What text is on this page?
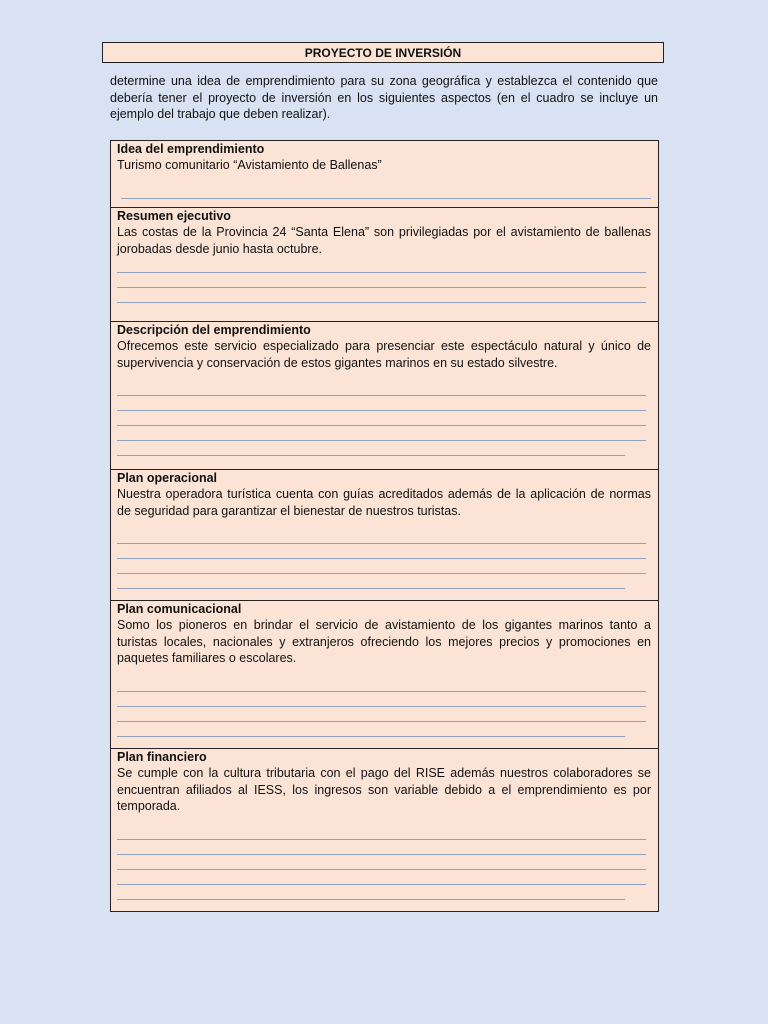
PROYECTO DE INVERSIÓN

determine una idea de emprendimiento para su zona geográfica y establezca el contenido que debería tener el proyecto de inversión en los siguientes aspectos (en el cuadro se incluye un ejemplo del trabajo que deben realizar).

Idea del emprendimiento

Turismo comunitario “Avistamiento de Ballenas”

Resumen ejecutivo

Las costas de la Provincia 24 “Santa Elena” son privilegiadas por el avistamiento de ballenas jorobadas desde junio hasta octubre.

Descripción del emprendimiento

Ofrecemos este servicio especializado para presenciar este espectáculo natural y único de supervivencia y conservación de estos gigantes marinos en su estado silvestre.

Plan operacional

Nuestra operadora turística cuenta con guías acreditados además de la aplicación de normas de seguridad para garantizar el bienestar de nuestros turistas.

Plan comunicacional

Somo los pioneros en brindar el servicio de avistamiento de los gigantes marinos tanto a turistas locales, nacionales y extranjeros ofreciendo los mejores precios y promociones en paquetes familiares o escolares.

Plan financiero

Se cumple con la cultura tributaria con el pago del RISE además nuestros colaboradores se encuentran afiliados al IESS, los ingresos son variable debido a el emprendimiento es por temporada.
